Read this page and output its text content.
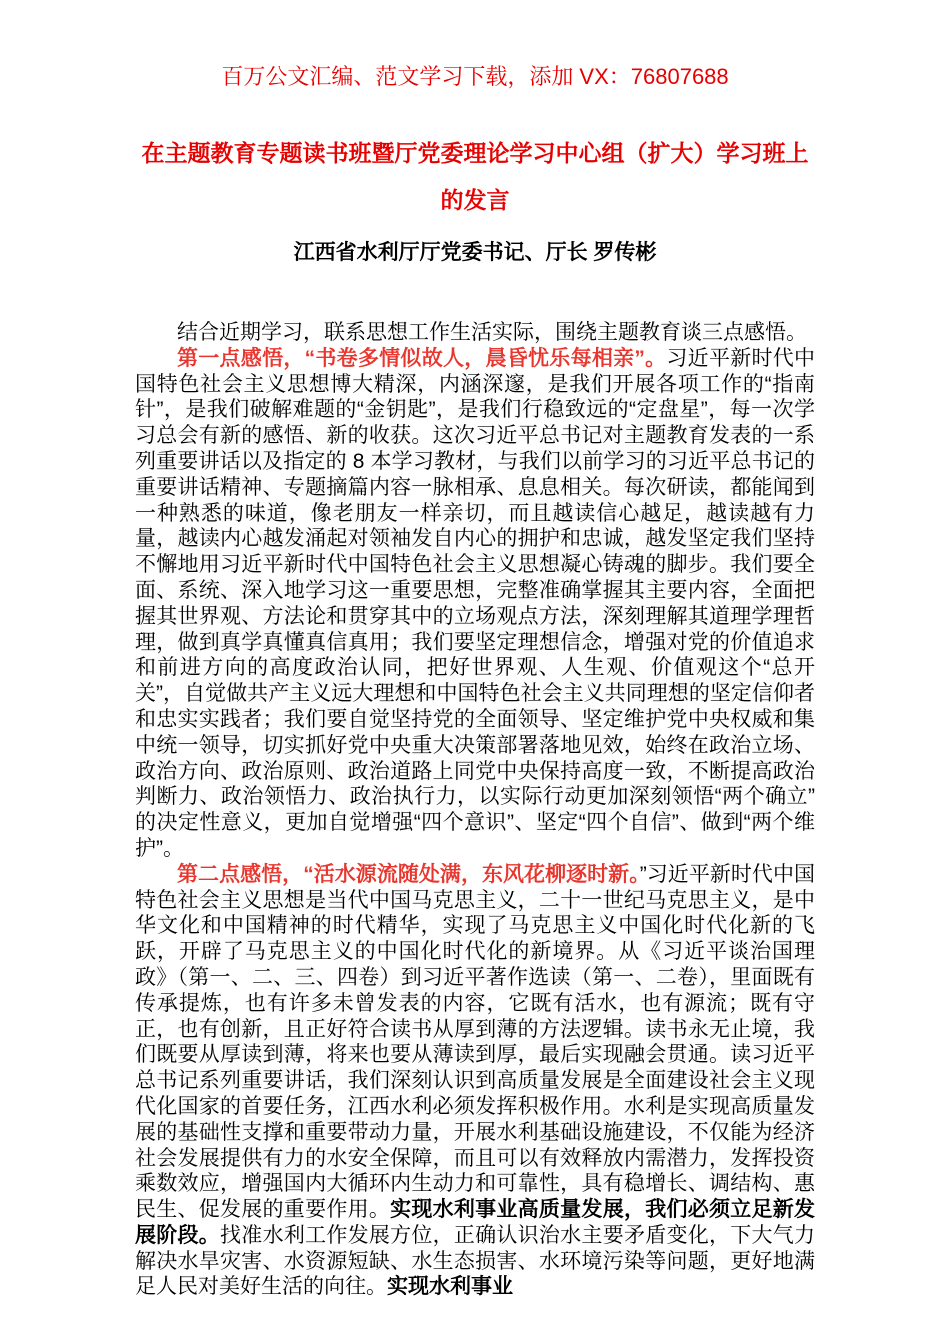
百万公文汇编、范文学习下载，添加 VX：76807688
在主题教育专题读书班暨厅党委理论学习中心组（扩大）学习班上
的发言
江西省水利厅厅党委书记、厅长 罗传彬

结合近期学习，联系思想工作生活实际，围绕主题教育谈三点感悟。

第一点感悟，“书卷多情似故人，晨昏忧乐每相亲”。习近平新时代中国特色社会主义思想博大精深，内涵深邃，是我们开展各项工作的“指南针”，是我们破解难题的“金钥匙”，是我们行稳致远的“定盘星”，每一次学习总会有新的感悟、新的收获。这次习近平总书记对主题教育发表的一系列重要讲话以及指定的 8 本学习教材，与我们以前学习的习近平总书记的重要讲话精神、专题摘篇内容一脉相承、息息相关。每次研读，都能闻到一种熟悉的味道，像老朋友一样亲切，而且越读信心越足，越读越有力量，越读内心越发涌起对领袖发自内心的拥护和忠诚，越发坚定我们坚持不懈地用习近平新时代中国特色社会主义思想凝心铸魂的脚步。我们要全面、系统、深入地学习这一重要思想，完整准确掌握其主要内容，全面把握其世界观、方法论和贯穿其中的立场观点方法，深刻理解其道理学理哲理，做到真学真懂真信真用；我们要坚定理想信念，增强对党的价值追求和前进方向的高度政治认同，把好世界观、人生观、价值观这个“总开关”，自觉做共产主义远大理想和中国特色社会主义共同理想的坚定信仰者和忠实实践者；我们要自觉坚持党的全面领导、坚定维护党中央权威和集中统一领导，切实抓好党中央重大决策部署落地见效，始终在政治立场、政治方向、政治原则、政治道路上同党中央保持高度一致，不断提高政治判断力、政治领悟力、政治执行力，以实际行动更加深刻领悟“两个确立”的决定性意义，更加自觉增强“四个意识”、坚定“四个自信”、做到“两个维护”。

第二点感悟，“活水源流随处满，东风花柳逐时新。”习近平新时代中国特色社会主义思想是当代中国马克思主义，二十一世纪马克思主义，是中华文化和中国精神的时代精华，实现了马克思主义中国化时代化新的飞跃，开辟了马克思主义的中国化时代化的新境界。从《习近平谈治国理政》（第一、二、三、四卷）到习近平著作选读（第一、二卷），里面既有传承提炼，也有许多未曾发表的内容，它既有活水，也有源流；既有守正，也有创新，且正好符合读书从厚到薄的方法逻辑。读书永无止境，我们既要从厚读到薄，将来也要从薄读到厚，最后实现融会贯通。读习近平总书记系列重要讲话，我们深刻认识到高质量发展是全面建设社会主义现代化国家的首要任务，江西水利必须发挥积极作用。水利是实现高质量发展的基础性支撑和重要带动力量，开展水利基础设施建设，不仅能为经济社会发展提供有力的水安全保障，而且可以有效释放内需潜力，发挥投资乘数效应，增强国内大循环内生动力和可靠性，具有稳增长、调结构、惠民生、促发展的重要作用。实现水利事业高质量发展，我们必须立足新发展阶段。找准水利工作发展方位，正确认识治水主要矛盾变化，下大气力解决水旱灾害、水资源短缺、水生态损害、水环境污染等问题，更好地满足人民对美好生活的向往。实现水利事业
